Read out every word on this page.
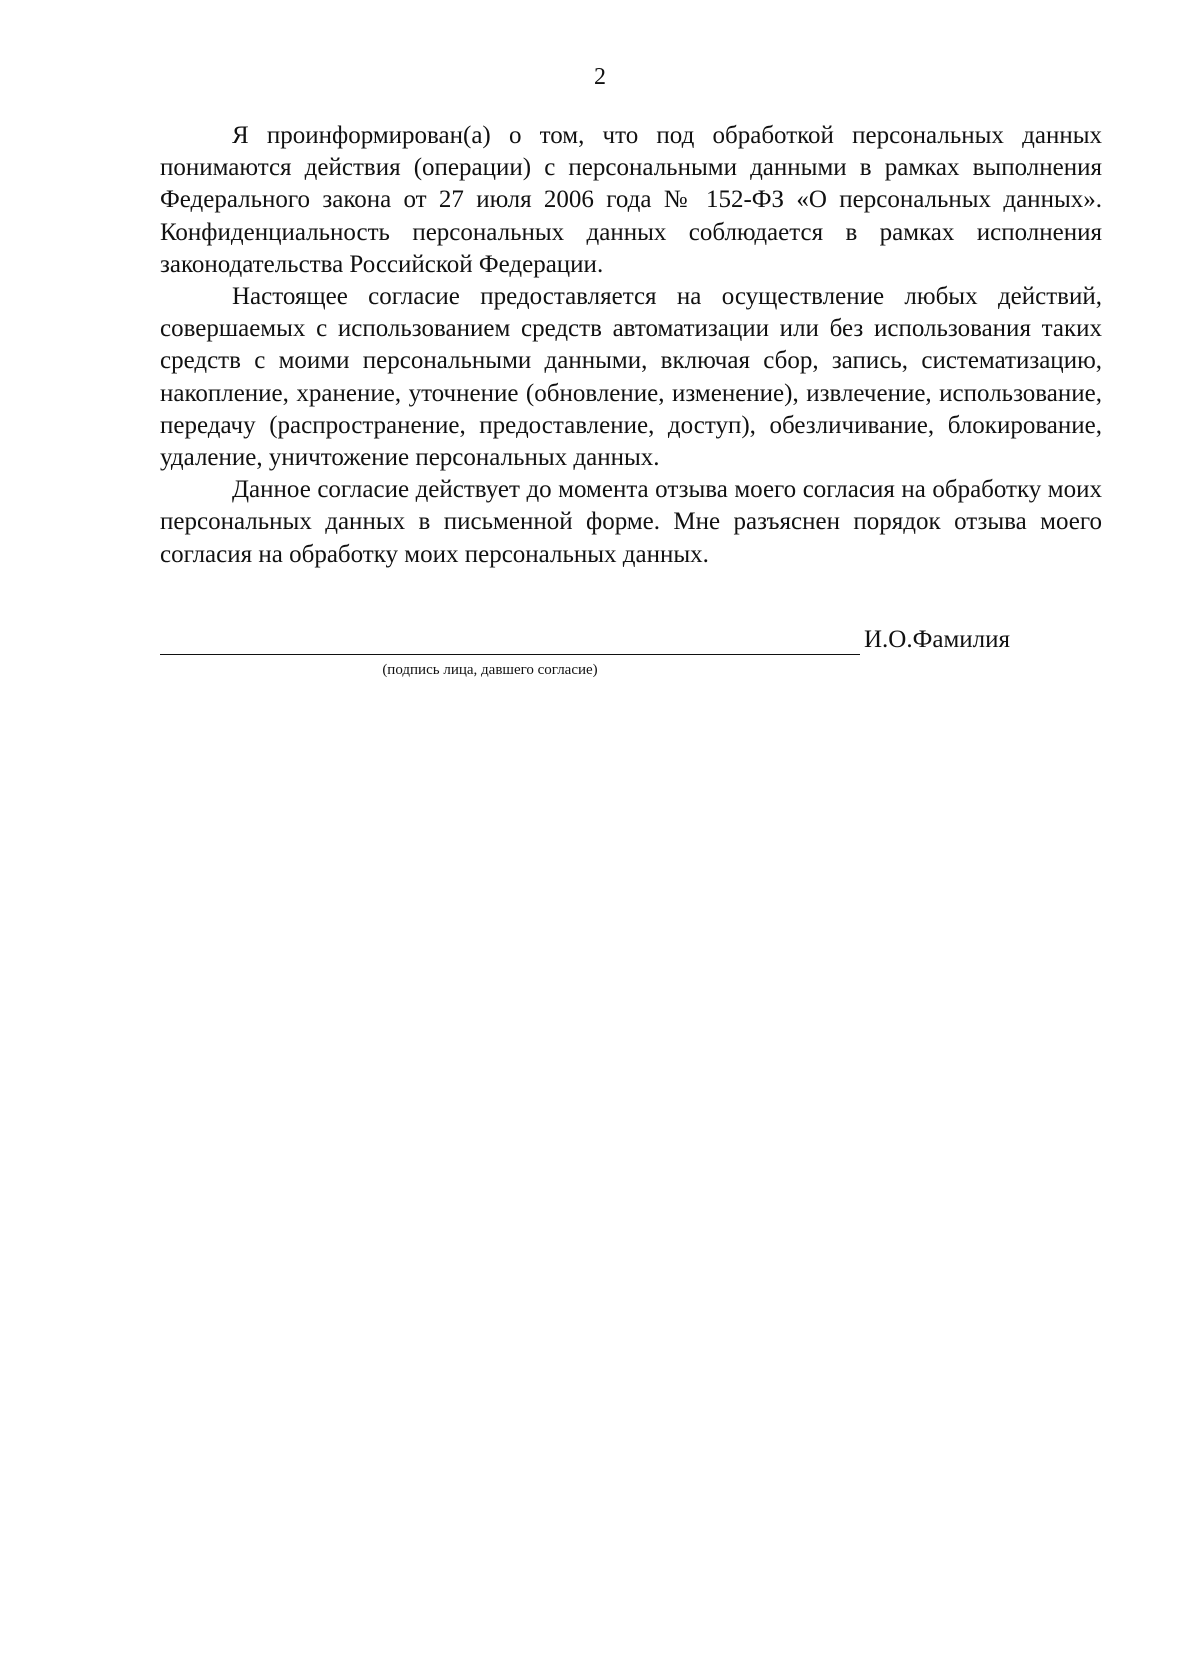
2

Я проинформирован(а) о том, что под обработкой персональных данных понимаются действия (операции) с персональными данными в рамках выполнения Федерального закона от 27 июля 2006 года № 152-ФЗ «О персональных данных». Конфиденциальность персональных данных соблюдается в рамках исполнения законодательства Российской Федерации.

Настоящее согласие предоставляется на осуществление любых действий, совершаемых с использованием средств автоматизации или без использования таких средств с моими персональными данными, включая сбор, запись, систематизацию, накопление, хранение, уточнение (обновление, изменение), извлечение, использование, передачу (распространение, предоставление, доступ), обезличивание, блокирование, удаление, уничтожение персональных данных.

Данное согласие действует до момента отзыва моего согласия на обработку моих персональных данных в письменной форме. Мне разъяснен порядок отзыва моего согласия на обработку моих персональных данных.

И.О.Фамилия
(подпись лица, давшего согласие)
